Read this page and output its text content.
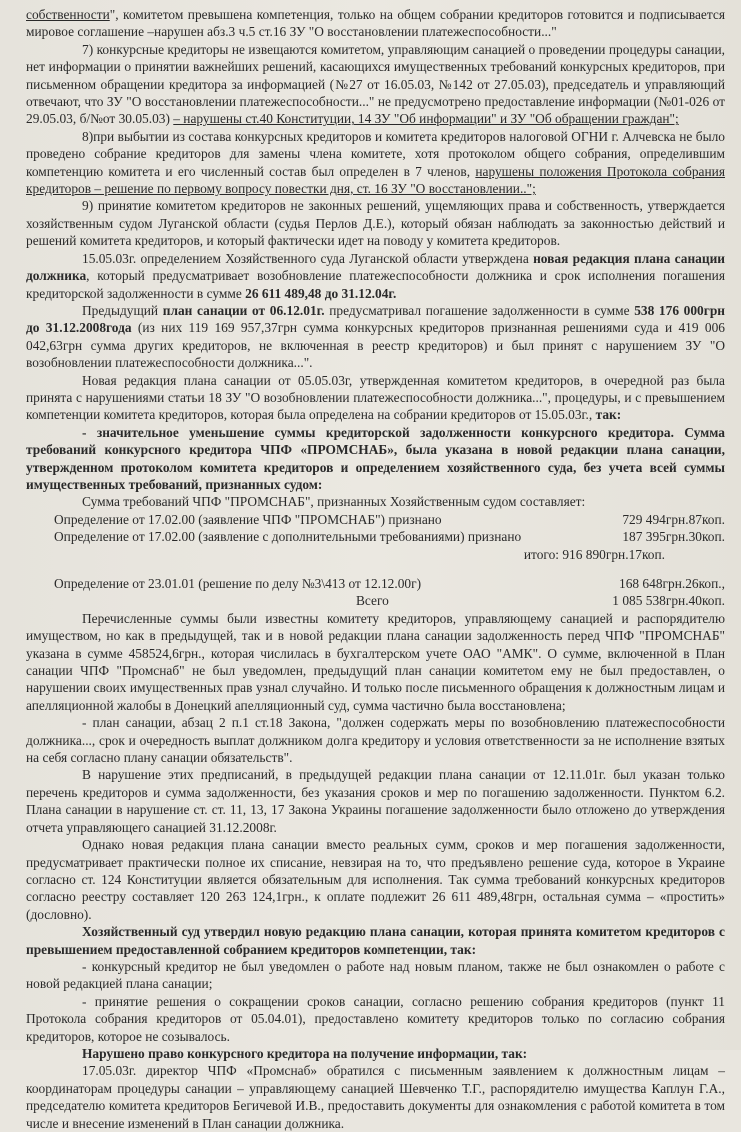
собственности", комитетом превышена компетенция, только на общем собрании кредиторов готовится и подписывается мировое соглашение –нарушен абз.3 ч.5 ст.16 ЗУ "О восстановлении платежеспособности..."

7) конкурсные кредиторы не извещаются комитетом, управляющим санацией о проведении процедуры санации, нет информации о принятии важнейших решений, касающихся имущественных требований конкурсных кредиторов, при письменном обращении кредитора за информацией (№27 от 16.05.03, №142 от 27.05.03), председатель и управляющий отвечают, что ЗУ "О восстановлении платежеспособности..." не предусмотрено предоставление информации (№01-026 от 29.05.03, б/№от 30.05.03) – нарушены ст.40 Конституции, 14 ЗУ "Об информации" и ЗУ "Об обращении граждан";

8)при выбытии из состава конкурсных кредиторов и комитета кредиторов налоговой ОГНИ г. Алчевска не было проведено собрание кредиторов для замены члена комитете, хотя протоколом общего собрания, определившим компетенцию комитета и его численный состав был определен в 7 членов, нарушены положения Протокола собрания кредиторов – решение по первому вопросу повестки дня, ст. 16 ЗУ "О восстановлении..";

9) принятие комитетом кредиторов не законных решений, ущемляющих права и собственность, утверждается хозяйственным судом Луганской области (судья Перлов Д.Е.), который обязан наблюдать за законностью действий и решений комитета кредиторов, и который фактически идет на поводу у комитета кредиторов.

15.05.03г. определением Хозяйственного суда Луганской области утверждена новая редакция плана санации должника, который предусматривает возобновление платежеспособности должника и срок исполнения погашения кредиторской задолженности в сумме 26 611 489,48 до 31.12.04г.

Предыдущий план санации от 06.12.01г. предусматривал погашение задолженности в сумме 538 176 000грн до 31.12.2008года (из них 119 169 957,37грн сумма конкурсных кредиторов признанная решениями суда и 419 006 042,63грн сумма других кредиторов, не включенная в реестр кредиторов) и был принят с нарушением ЗУ "О возобновлении платежеспособности должника...".

Новая редакция плана санации от 05.05.03г, утвержденная комитетом кредиторов, в очередной раз была принята с нарушениями статьи 18 ЗУ "О возобновлении платежеспособности должника...", процедуры, и с превышением компетенции комитета кредиторов, которая была определена на собрании кредиторов от 15.05.03г., так:

- значительное уменьшение суммы кредиторской задолженности конкурсного кредитора. Сумма требований конкурсного кредитора ЧПФ «ПРОМСНАБ», была указана в новой редакции плана санации, утвержденном протоколом комитета кредиторов и определением хозяйственного суда, без учета всей суммы имущественных требований, признанных судом:

Сумма требований ЧПФ "ПРОМСНАБ", признанных Хозяйственным судом составляет:

Определение от 17.02.00 (заявление ЧПФ "ПРОМСНАБ") признано	729 494грн.87коп.
Определение от 17.02.00 (заявление с дополнительными требованиями) признано	187 395грн.30коп.
итого: 916 890грн.17коп.
Определение от 23.01.01 (решение по делу №3\413 от 12.12.00г)	168 648грн.26коп.,
Всего	1 085 538грн.40коп.

Перечисленные суммы были известны комитету кредиторов, управляющему санацией и распорядителю имуществом, но как в предыдущей, так и в новой редакции плана санации задолженность перед ЧПФ "ПРОМСНАБ" указана в сумме 458524,6грн., которая числилась в бухгалтерском учете ОАО "АМК". О сумме, включенной в План санации ЧПФ "Промснаб" не был уведомлен, предыдущий план санации комитетом ему не был предоставлен, о нарушении своих имущественных прав узнал случайно. И только после письменного обращения к должностным лицам и апелляционной жалобы в Донецкий апелляционный суд, сумма частично была восстановлена;

- план санации, абзац 2 п.1 ст.18 Закона, "должен содержать меры по возобновлению платежеспособности должника..., срок и очередность выплат должником долга кредитору и условия ответственности за не исполнение взятых на себя согласно плану санации обязательств".

В нарушение этих предписаний, в предыдущей редакции плана санации от 12.11.01г. был указан только перечень кредиторов и сумма задолженности, без указания сроков и мер по погашению задолженности. Пунктом 6.2. Плана санации в нарушение ст. ст. 11, 13, 17 Закона Украины погашение задолженности было отложено до утверждения отчета управляющего санацией 31.12.2008г.

Однако новая редакция плана санации вместо реальных сумм, сроков и мер погашения задолженности, предусматривает практически полное их списание, невзирая на то, что предъявлено решение суда, которое в Украине согласно ст. 124 Конституции является обязательным для исполнения. Так сумма требований конкурсных кредиторов согласно реестру составляет 120 263 124,1грн., к оплате подлежит 26 611 489,48грн, остальная сумма – «простить» (дословно).

Хозяйственный суд утвердил новую редакцию плана санации, которая принята комитетом кредиторов с превышением предоставленной собранием кредиторов компетенции, так:

- конкурсный кредитор не был уведомлен о работе над новым планом, также не был ознакомлен о работе с новой редакцией плана санации;

- принятие решения о сокращении сроков санации, согласно решению собрания кредиторов (пункт 11 Протокола собрания кредиторов от 05.04.01), предоставлено комитету кредиторов только по согласию собрания кредиторов, которое не созывалось.

Нарушено право конкурсного кредитора на получение информации, так:

17.05.03г. директор ЧПФ «Промснаб» обратился с письменным заявлением к должностным лицам – координаторам процедуры санации – управляющему санацией Шевченко Т.Г., распорядителю имущества Каплун Г.А., председателю комитета кредиторов Бегичевой И.В., предоставить документы для ознакомления с работой комитета в том числе и внесение изменений в План санации должника.
